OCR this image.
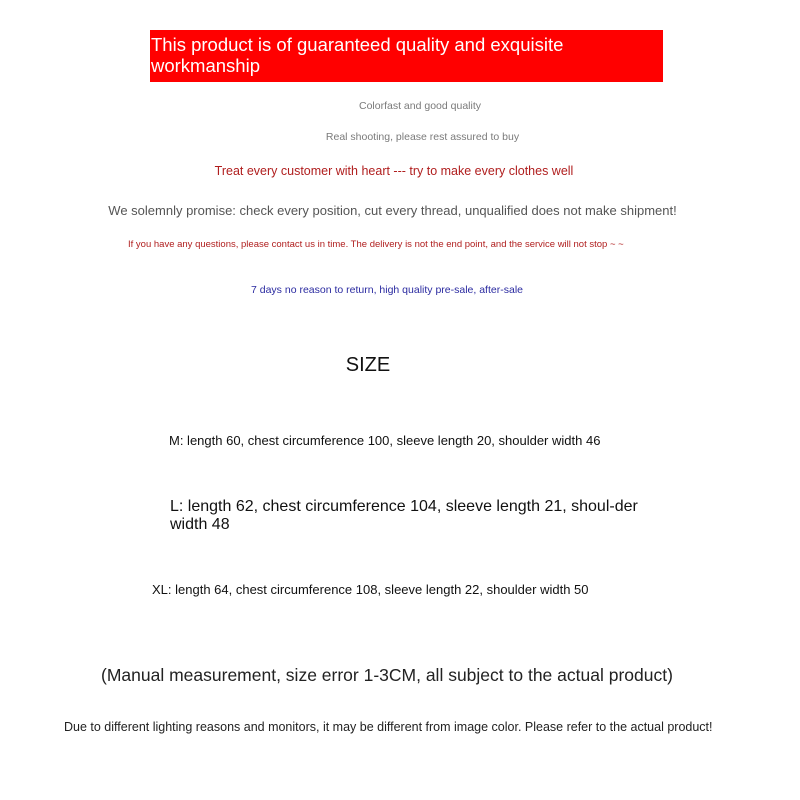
This product is of guaranteed quality and exquisite workmanship
Colorfast and good quality
Real shooting, please rest assured to buy
Treat every customer with heart --- try to make every clothes well
We solemnly promise: check every position, cut every thread, unqualified does not make shipment!
If you have any questions, please contact us in time. The delivery is not the end point, and the service will not stop ~ ~
7 days no reason to return, high quality pre-sale, after-sale
SIZE
M: length 60, chest circumference 100, sleeve length 20, shoulder width 46
L: length 62, chest circumference 104, sleeve length 21, shoul-der width 48
XL: length 64, chest circumference 108, sleeve length 22, shoulder width 50
(Manual measurement, size error 1-3CM, all subject to the actual product)
Due to different lighting reasons and monitors, it may be different from image color. Please refer to the actual product!
